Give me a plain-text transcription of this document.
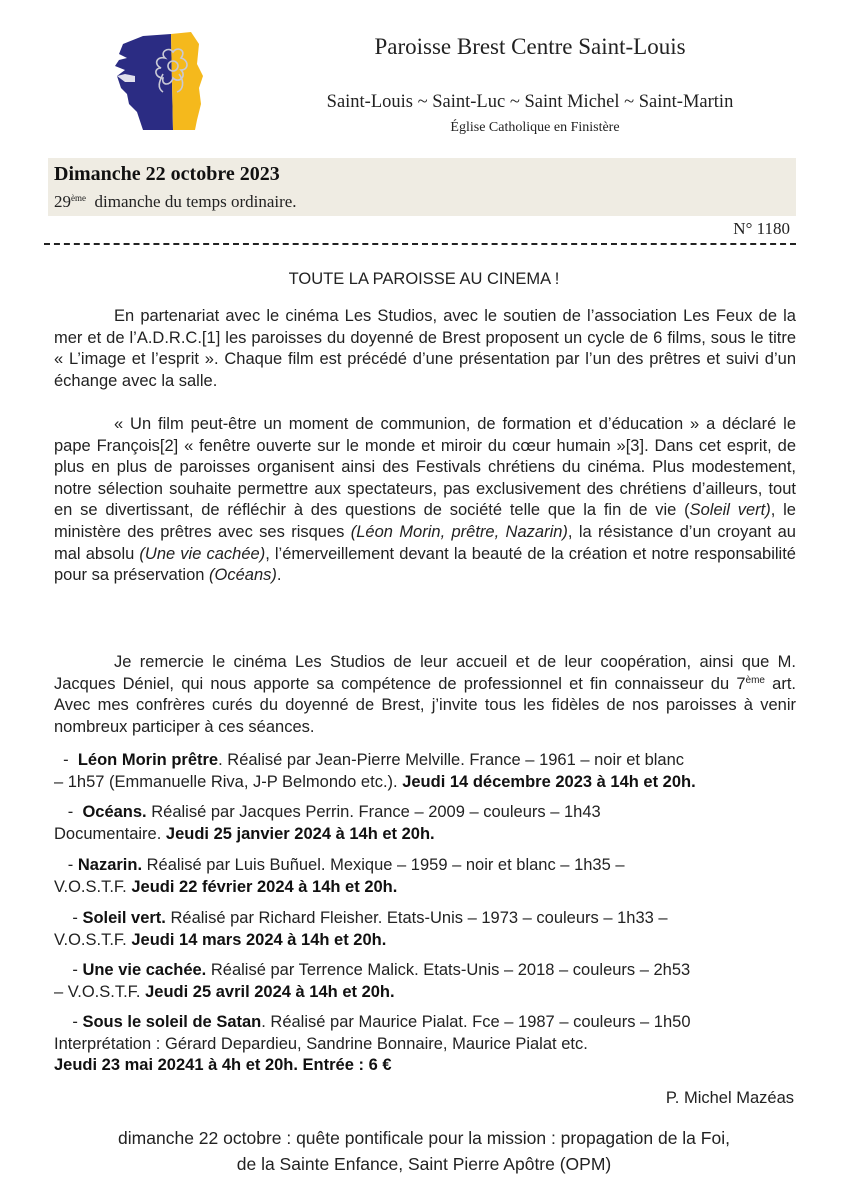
Paroisse Brest Centre Saint-Louis
Saint-Louis ~ Saint-Luc ~ Saint Michel ~ Saint-Martin
Église Catholique en Finistère
Dimanche 22 octobre 2023
29ème dimanche du temps ordinaire.
N° 1180
TOUTE LA PAROISSE AU CINEMA !
En partenariat avec le cinéma Les Studios, avec le soutien de l’association Les Feux de la mer et de l’A.D.R.C.[1] les paroisses du doyenné de Brest proposent un cycle de 6 films, sous le titre « L’image et l’esprit ». Chaque film est précédé d’une présentation par l’un des prêtres et suivi d’un échange avec la salle.
« Un film peut-être un moment de communion, de formation et d’éducation » a déclaré le pape François[2] « fenêtre ouverte sur le monde et miroir du cœur humain »[3]. Dans cet esprit, de plus en plus de paroisses organisent ainsi des Festivals chrétiens du cinéma. Plus modestement, notre sélection souhaite permettre aux spectateurs, pas exclusivement des chrétiens d’ailleurs, tout en se divertissant, de réfléchir à des questions de société telle que la fin de vie (Soleil vert), le ministère des prêtres avec ses risques (Léon Morin, prêtre, Nazarin), la résistance d’un croyant au mal absolu (Une vie cachée), l’émerveillement devant la beauté de la création et notre responsabilité pour sa préservation (Océans).
Je remercie le cinéma Les Studios de leur accueil et de leur coopération, ainsi que M. Jacques Déniel, qui nous apporte sa compétence de professionnel et fin connaisseur du 7ème art. Avec mes confrères curés du doyenné de Brest, j’invite tous les fidèles de nos paroisses à venir nombreux participer à ces séances.
- Léon Morin prêtre. Réalisé par Jean-Pierre Melville. France – 1961 – noir et blanc
– 1h57 (Emmanuelle Riva, J-P Belmondo etc.). Jeudi 14 décembre 2023 à 14h et 20h.
- Océans. Réalisé par Jacques Perrin. France – 2009 – couleurs – 1h43
Documentaire. Jeudi 25 janvier 2024 à 14h et 20h.
- Nazarin. Réalisé par Luis Buñuel. Mexique – 1959 – noir et blanc – 1h35 –
V.O.S.T.F. Jeudi 22 février 2024 à 14h et 20h.
- Soleil vert. Réalisé par Richard Fleisher. Etats-Unis – 1973 – couleurs – 1h33 –
V.O.S.T.F. Jeudi 14 mars 2024 à 14h et 20h.
- Une vie cachée. Réalisé par Terrence Malick. Etats-Unis – 2018 – couleurs – 2h53
– V.O.S.T.F. Jeudi 25 avril 2024 à 14h et 20h.
- Sous le soleil de Satan. Réalisé par Maurice Pialat. Fce – 1987 – couleurs – 1h50
Interprétation : Gérard Depardieu, Sandrine Bonnaire, Maurice Pialat etc.
Jeudi 23 mai 20241 à 4h et 20h. Entrée : 6 €
P. Michel Mazéas
dimanche 22 octobre : quête pontificale pour la mission : propagation de la Foi,
de la Sainte Enfance, Saint Pierre Apôtre (OPM)
